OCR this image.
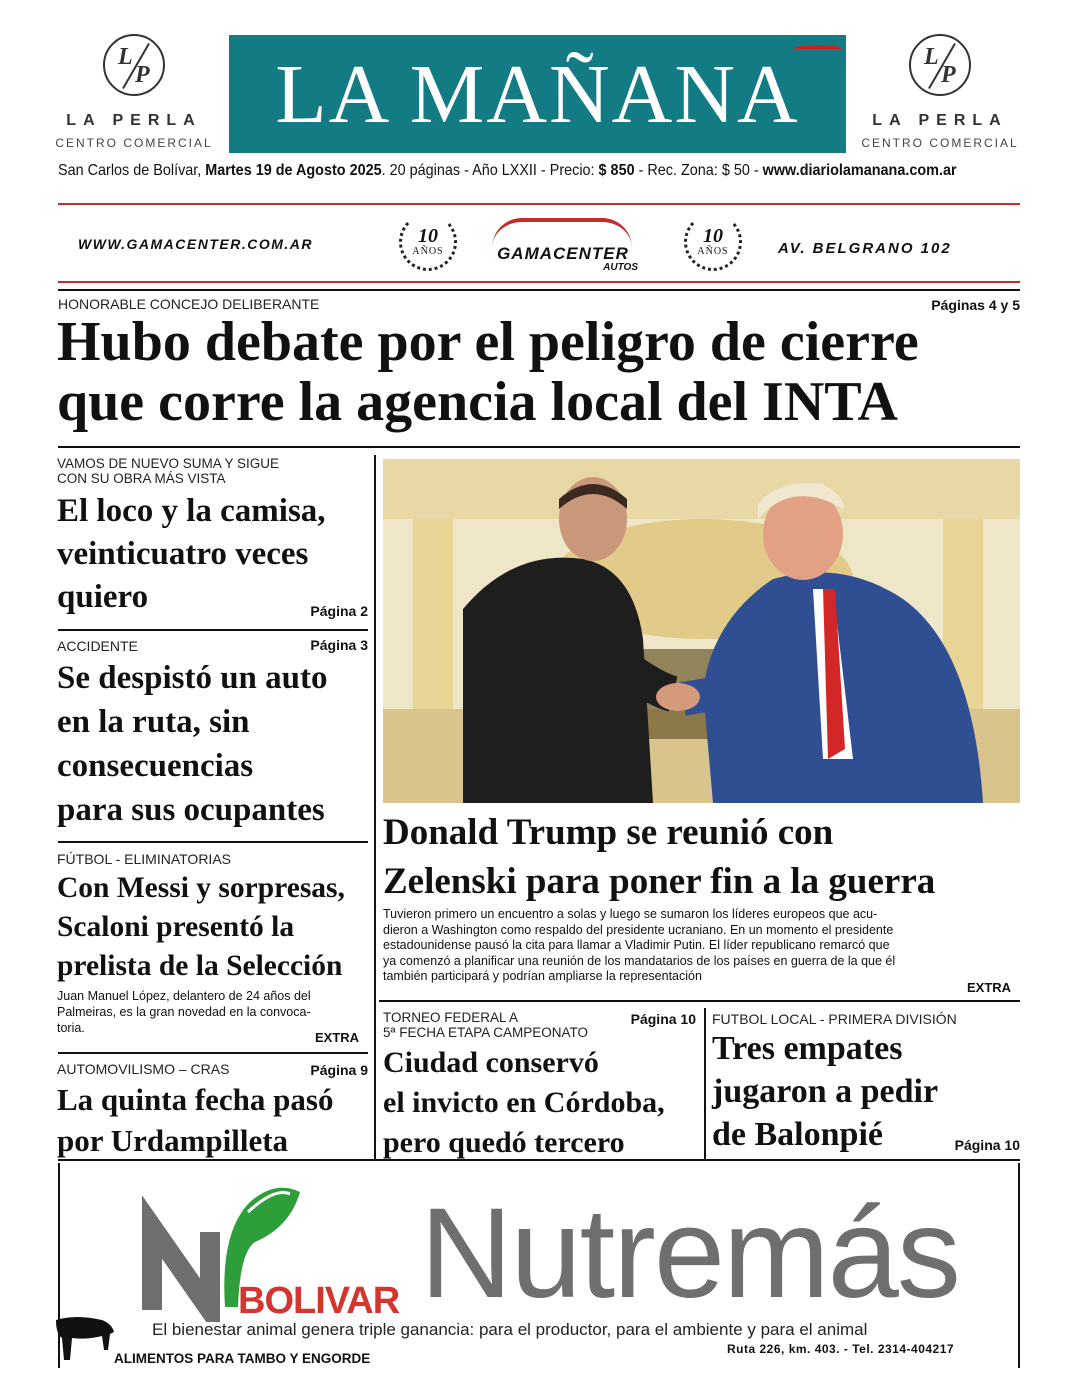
L
P
LA PERLA
CENTRO COMERCIAL
LA MAÑANA	L
P
LA PERLA
CENTRO COMERCIAL
San Carlos de Bolívar, Martes 19 de Agosto 2025. 20 páginas - Año LXXII - Precio: $ 850 - Rec. Zona: $ 50 - www.diariolamanana.com.ar
WWW.GAMACENTER.COM.AR	10
AÑOS	GAMACENTER
AUTOS
10
AÑOS	AV. BELGRANO 102
HONORABLE CONCEJO DELIBERANTE	Páginas 4 y 5
Hubo debate por el peligro de cierre
que corre la agencia local del INTA
VAMOS DE NUEVO SUMA Y SIGUE
CON SU OBRA MÁS VISTA
El loco y la camisa,
veinticuatro veces
quiero	Página 2
ACCIDENTE	Página 3
Se despistó un auto
en la ruta, sin
consecuencias
para sus ocupantes
FÚTBOL - ELIMINATORIAS
Con Messi y sorpresas,
Scaloni presentó la
prelista de la Selección
Juan Manuel López, delantero de 24 años del
Palmeiras, es la gran novedad en la convoca-
toria.
EXTRA
AUTOMOVILISMO – CRAS	Página 9
La quinta fecha pasó
por Urdampilleta
Donald Trump se reunió con
Zelenski para poner fin a la guerra
Tuvieron primero un encuentro a solas y luego se sumaron los líderes europeos que acu-
dieron a Washington como respaldo del presidente ucraniano. En un momento el presidente
estadounidense pausó la cita para llamar a Vladimir Putin. El líder republicano remarcó que
ya comenzó a planificar una reunión de los mandatarios de los países en guerra de la que él
también participará y podrían ampliarse la representación
EXTRA
TORNEO FEDERAL A
5ª FECHA ETAPA CAMPEONATO
Página 10
Ciudad conservó
el invicto en Córdoba,
pero quedó tercero
FUTBOL LOCAL - PRIMERA DIVISIÓN
Tres empates
jugaron a pedir
de Balonpié	Página 10
BOLIVAR Nutremás
El bienestar animal genera triple ganancia: para el productor, para el ambiente y para el animal
ALIMENTOS PARA TAMBO Y ENGORDE
Ruta 226, km. 403. - Tel. 2314-404217
